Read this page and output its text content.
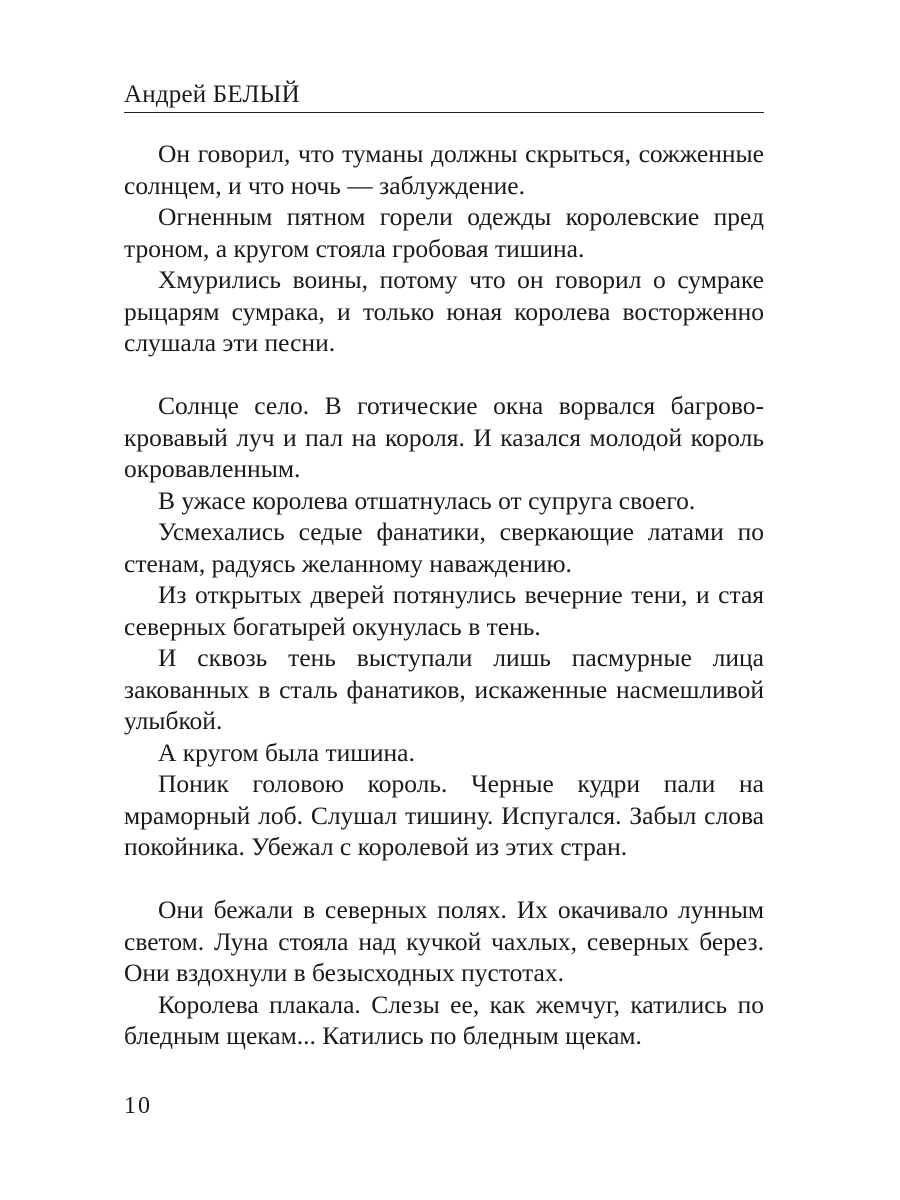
Андрей БЕЛЫЙ

Он говорил, что туманы должны скрыться, сожженные солнцем, и что ночь — заблуждение.

Огненным пятном горели одежды королевские пред троном, а кругом стояла гробовая тишина.

Хмурились воины, потому что он говорил о сумраке рыцарям сумрака, и только юная королева восторженно слушала эти песни.

Солнце село. В готические окна ворвался багрово-кровавый луч и пал на короля. И казался молодой король окровавленным.

В ужасе королева отшатнулась от супруга своего.

Усмехались седые фанатики, сверкающие латами по стенам, радуясь желанному наваждению.

Из открытых дверей потянулись вечерние тени, и стая северных богатырей окунулась в тень.

И сквозь тень выступали лишь пасмурные лица закованных в сталь фанатиков, искаженные насмешливой улыбкой.

А кругом была тишина.

Поник головою король. Черные кудри пали на мраморный лоб. Слушал тишину. Испугался. Забыл слова покойника. Убежал с королевой из этих стран.

Они бежали в северных полях. Их окачивало лунным светом. Луна стояла над кучкой чахлых, северных берез. Они вздохнули в безысходных пустотах.

Королева плакала. Слезы ее, как жемчуг, катились по бледным щекам... Катились по бледным щекам.

10
